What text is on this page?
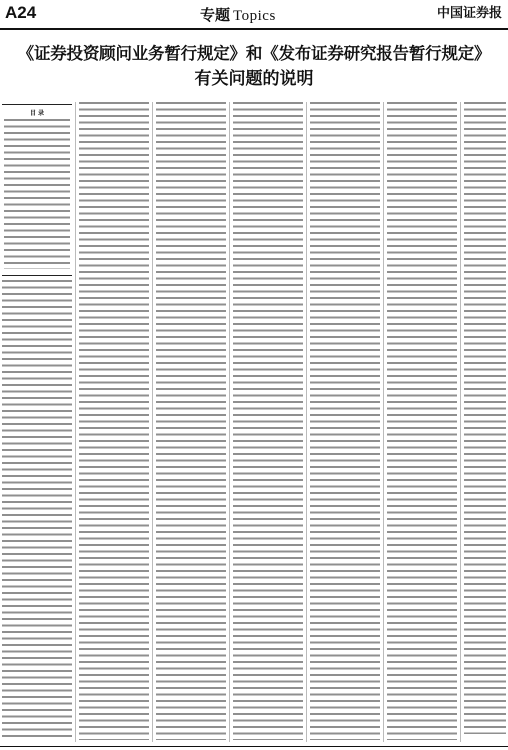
A24	专题 Topics	中国证券报
《证券投资顾问业务暂行规定》和《发布证券研究报告暂行规定》
有关问题的说明
目 录
